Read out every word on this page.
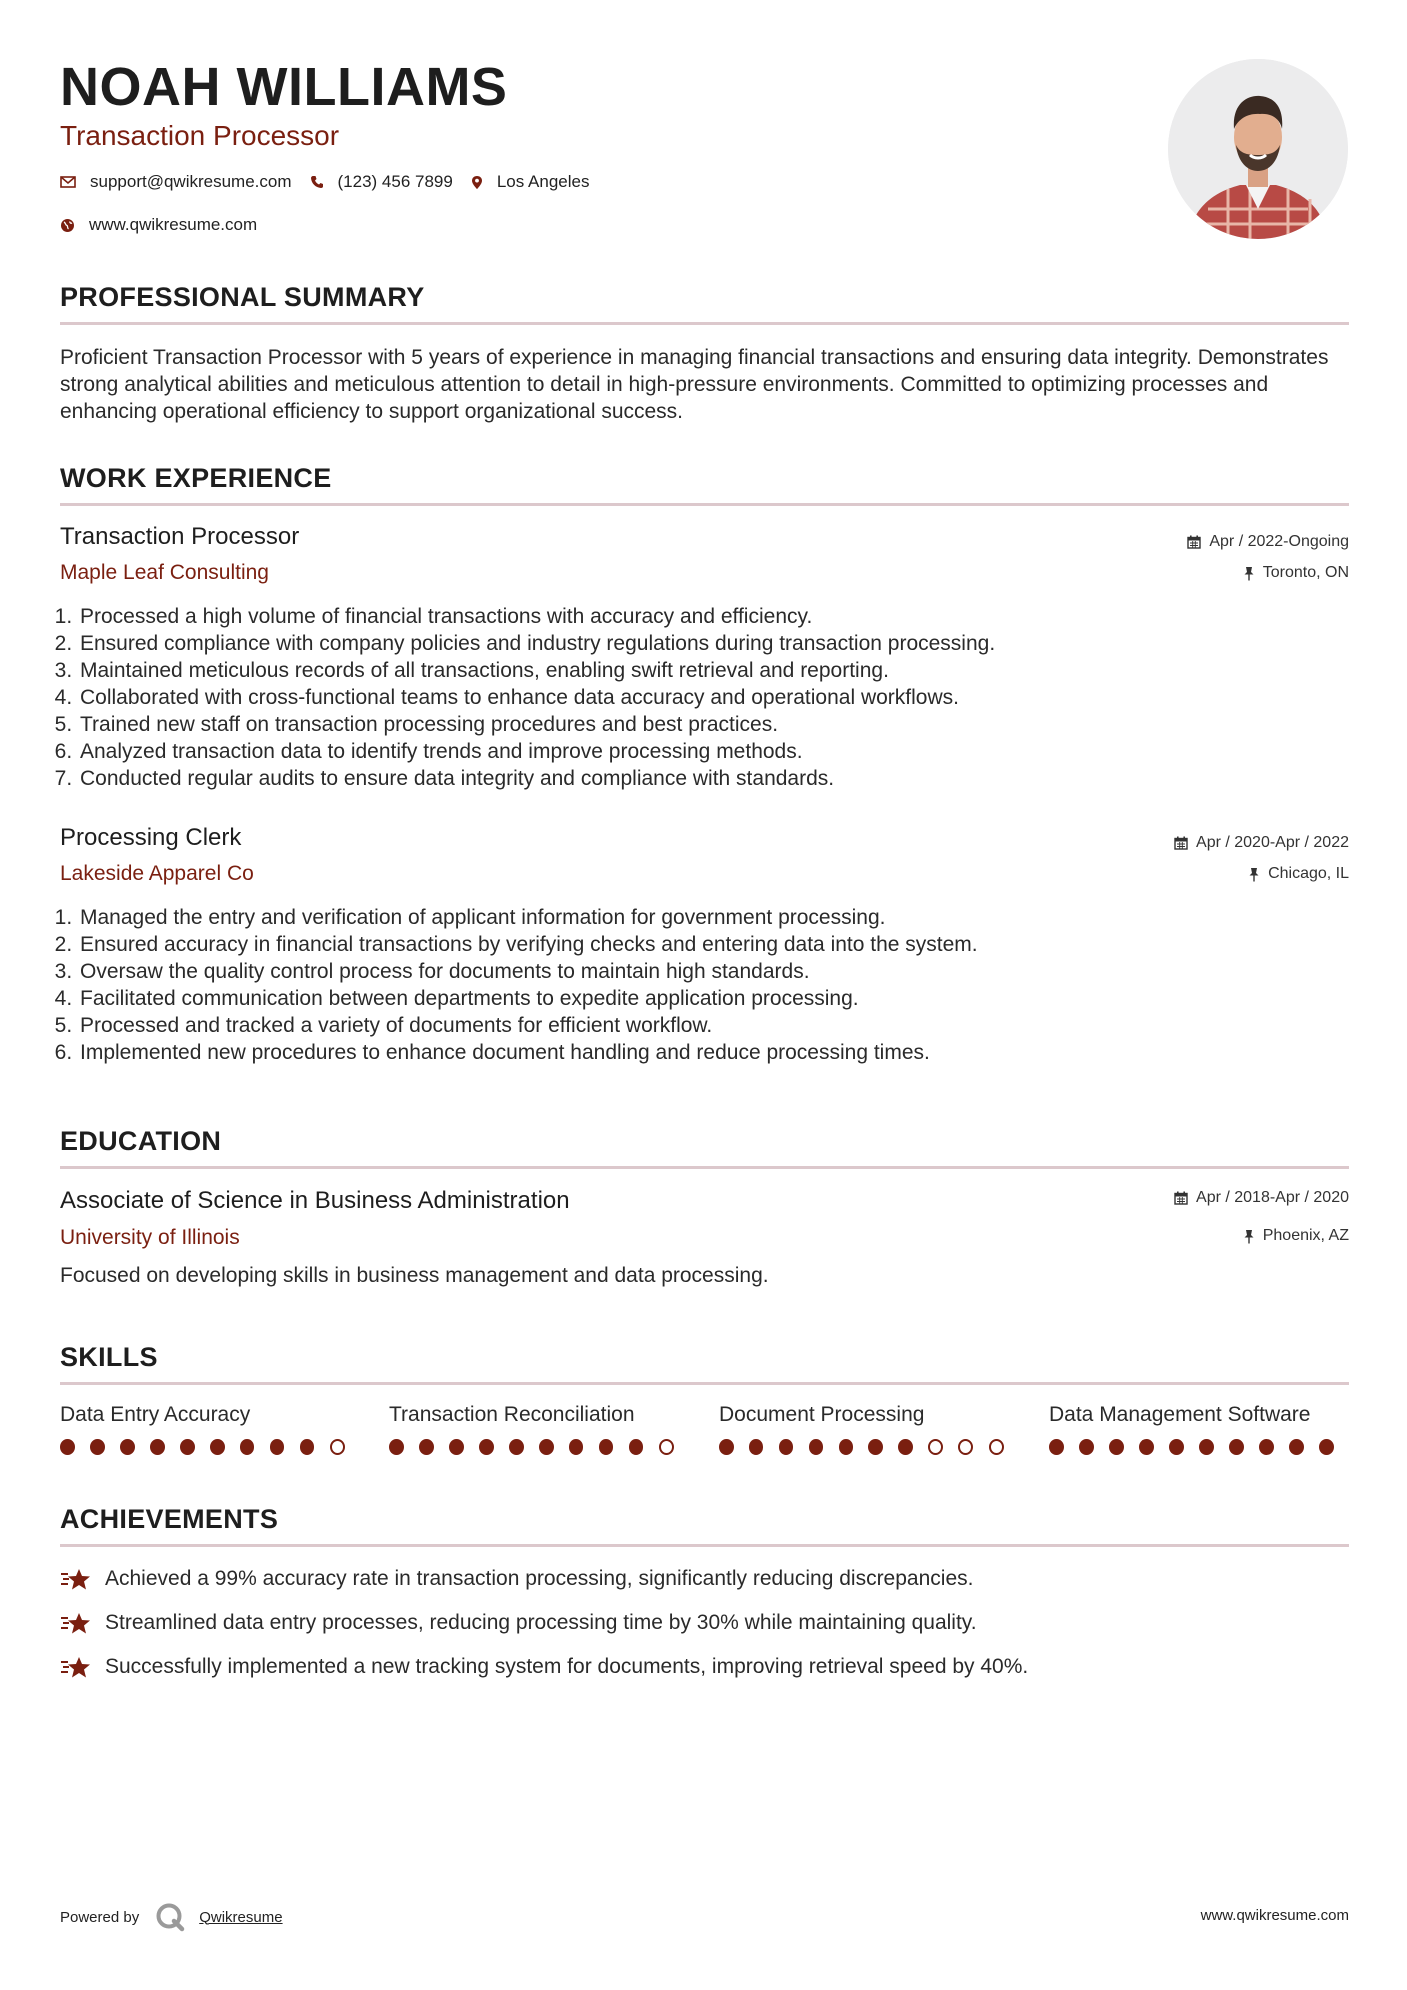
NOAH WILLIAMS
Transaction Processor
support@qwikresume.com	(123) 456 7899	Los Angeles
www.qwikresume.com
PROFESSIONAL SUMMARY
Proficient Transaction Processor with 5 years of experience in managing financial transactions and ensuring data integrity. Demonstrates strong analytical abilities and meticulous attention to detail in high-pressure environments. Committed to optimizing processes and enhancing operational efficiency to support organizational success.
WORK EXPERIENCE
Transaction Processor	Apr / 2022-Ongoing
Maple Leaf Consulting	Toronto, ON
1. Processed a high volume of financial transactions with accuracy and efficiency.
2. Ensured compliance with company policies and industry regulations during transaction processing.
3. Maintained meticulous records of all transactions, enabling swift retrieval and reporting.
4. Collaborated with cross-functional teams to enhance data accuracy and operational workflows.
5. Trained new staff on transaction processing procedures and best practices.
6. Analyzed transaction data to identify trends and improve processing methods.
7. Conducted regular audits to ensure data integrity and compliance with standards.
Processing Clerk	Apr / 2020-Apr / 2022
Lakeside Apparel Co	Chicago, IL
1. Managed the entry and verification of applicant information for government processing.
2. Ensured accuracy in financial transactions by verifying checks and entering data into the system.
3. Oversaw the quality control process for documents to maintain high standards.
4. Facilitated communication between departments to expedite application processing.
5. Processed and tracked a variety of documents for efficient workflow.
6. Implemented new procedures to enhance document handling and reduce processing times.
EDUCATION
Associate of Science in Business Administration	Apr / 2018-Apr / 2020
University of Illinois	Phoenix, AZ
Focused on developing skills in business management and data processing.
SKILLS
Data Entry Accuracy	Transaction Reconciliation	Document Processing	Data Management Software
ACHIEVEMENTS
Achieved a 99% accuracy rate in transaction processing, significantly reducing discrepancies.
Streamlined data entry processes, reducing processing time by 30% while maintaining quality.
Successfully implemented a new tracking system for documents, improving retrieval speed by 40%.
Powered by	Qwikresume	www.qwikresume.com
